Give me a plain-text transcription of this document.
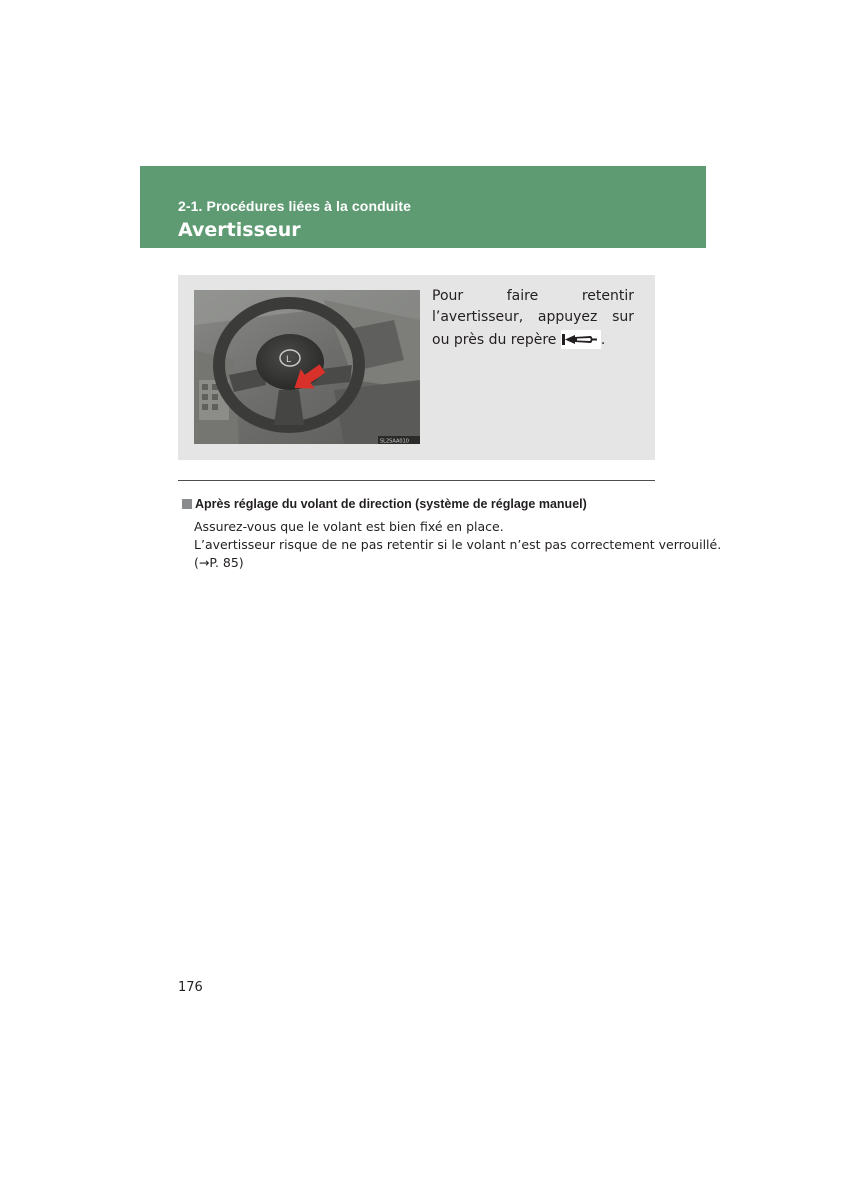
2-1. Procédures liées à la conduite
Avertisseur
L
SL2SAA010
Pour faire retentir l’avertisseur, appuyez sur ou près du repère	.
Après réglage du volant de direction (système de réglage manuel)
Assurez-vous que le volant est bien fixé en place.
L’avertisseur risque de ne pas retentir si le volant n’est pas correctement verrouillé.
(→P. 85)
176
